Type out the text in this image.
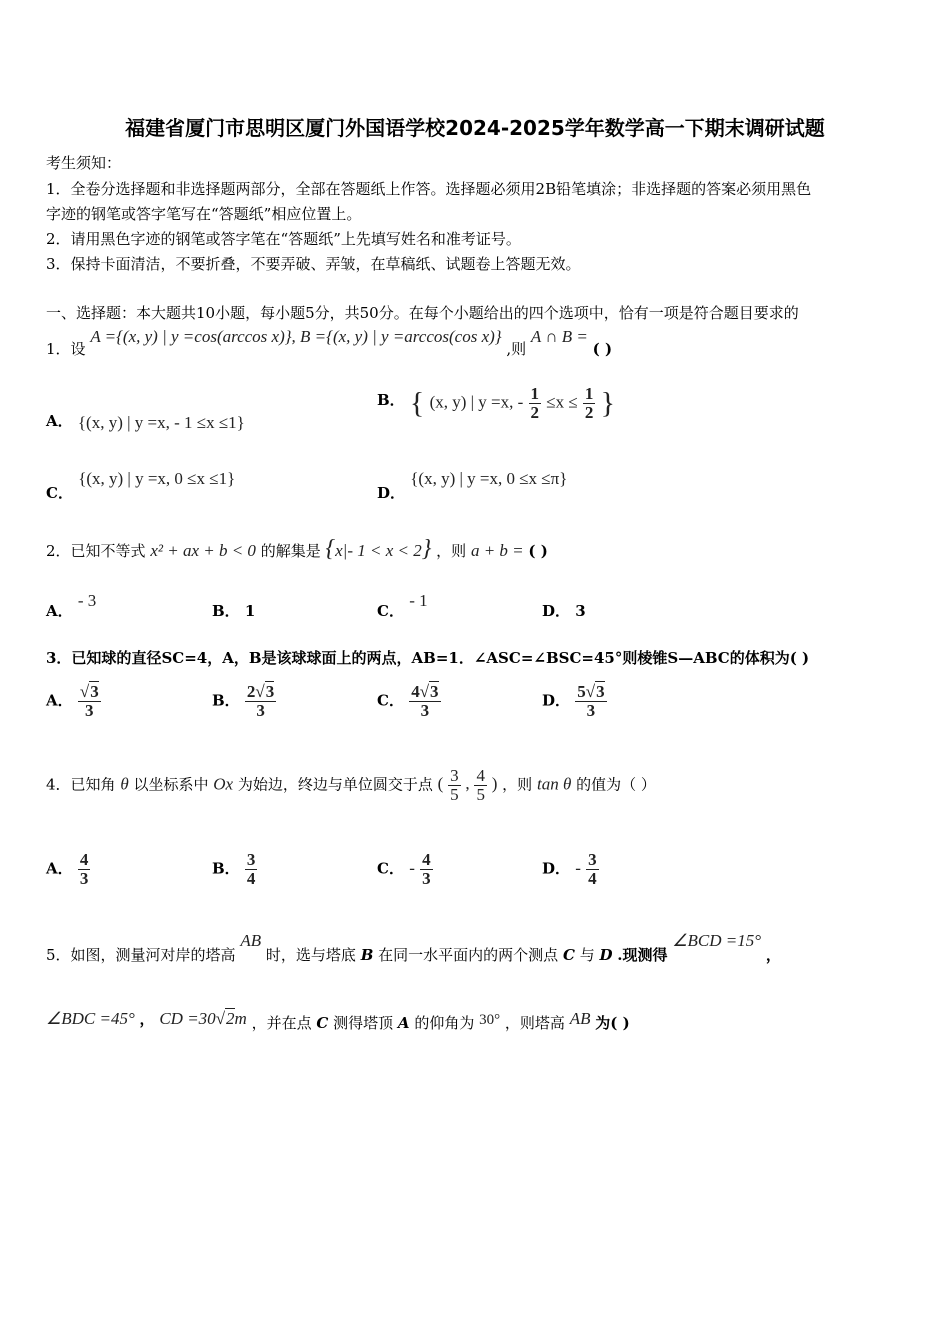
福建省厦门市思明区厦门外国语学校2024-2025学年数学高一下期末调研试题
考生须知：
1．全卷分选择题和非选择题两部分，全部在答题纸上作答。选择题必须用2B铅笔填涂；非选择题的答案必须用黑色
字迹的钢笔或答字笔写在“答题纸”相应位置上。
2．请用黑色字迹的钢笔或答字笔在“答题纸”上先填写姓名和准考证号。
3．保持卡面清洁，不要折叠，不要弄破、弄皱，在草稿纸、试题卷上答题无效。
一、选择题：本大题共10小题，每小题5分，共50分。在每个小题给出的四个选项中，恰有一项是符合题目要求的
1．设 A ={(x, y) | y =cos(arccos x)}, B ={(x, y) | y =arccos(cos x)} ,则 A ∩ B = ( )
A． {(x, y) | y =x, - 1 ≤x ≤1}
B． { (x, y) | y =x, - $\frac{1}{2} \le x \le \frac{1}{2}$ }
C． {(x, y) | y =x, 0 ≤x ≤1}
D． {(x, y) | y =x, 0 ≤x ≤π}
2．已知不等式 x² + ax + b < 0 的解集是 {x|- 1 < x < 2} ，则 a + b = ( )
A． - 3
B． 1	C． - 1
D． 3
3．已知球的直径SC=4，A，B是该球球面上的两点，AB=1．∠ASC=∠BSC=45°则棱锥S—ABC的体积为( )
A． $\frac{√3}{3}$	B． $\frac{2√3}{3}$	C． $\frac{4√3}{3}$	D． $\frac{5√3}{3}$
4．已知角 θ 以坐标系中 Ox 为始边，终边与单位圆交于点 ( $\frac{3}{5}$ , $\frac{4}{5}$ ) ，则 tan θ 的值为（ ）
A． $\frac{4}{3}$	B． $\frac{3}{4}$	C． - $\frac{4}{3}$	D． - $\frac{3}{4}$
5．如图，测量河对岸的塔高 AB 时，选与塔底 B 在同一水平面内的两个测点 C 与 D .现测得 ∠BCD =15° ，
∠BDC =45° ， CD =30√2m ，并在点 C 测得塔顶 A 的仰角为 30° ，则塔高 AB 为( )
